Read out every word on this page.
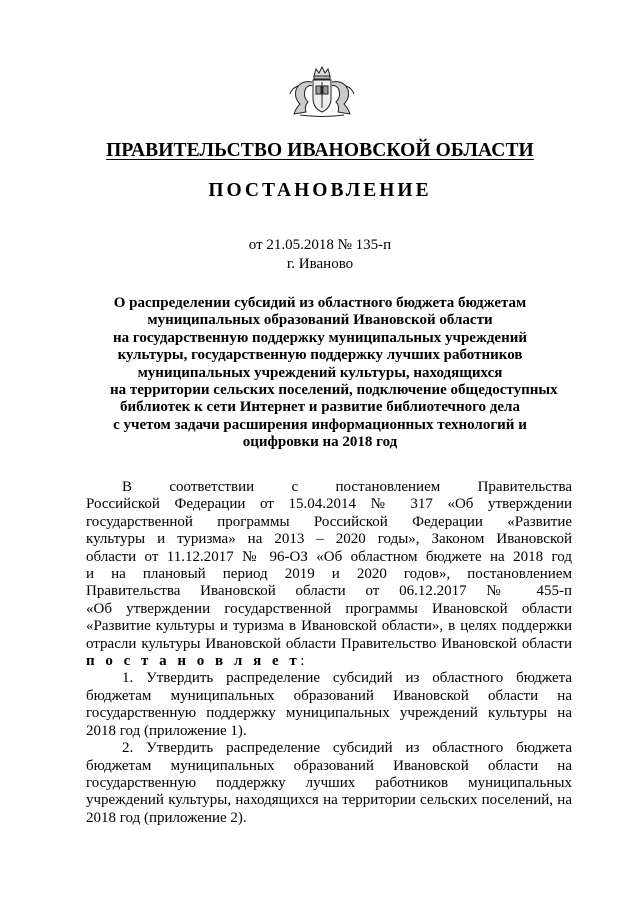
ПРАВИТЕЛЬСТВО ИВАНОВСКОЙ ОБЛАСТИ
ПОСТАНОВЛЕНИЕ
от 21.05.2018 № 135-п
г. Иваново

О распределении субсидий из областного бюджета бюджетам
муниципальных образований Ивановской области
на государственную поддержку муниципальных учреждений
культуры, государственную поддержку лучших работников
муниципальных учреждений культуры, находящихся
на территории сельских поселений, подключение общедоступных
библиотек к сети Интернет и развитие библиотечного дела
с учетом задачи расширения информационных технологий и
оцифровки на 2018 год

В соответствии с постановлением Правительства
Российской Федерации от 15.04.2014 № 317 «Об утверждении
государственной программы Российской Федерации «Развитие
культуры и туризма» на 2013 – 2020 годы», Законом Ивановской
области от 11.12.2017 № 96-ОЗ «Об областном бюджете на 2018 год
и на плановый период 2019 и 2020 годов», постановлением
Правительства Ивановской области от 06.12.2017 № 455-п
«Об утверждении государственной программы Ивановской области
«Развитие культуры и туризма в Ивановской области», в целях поддержки
отрасли культуры Ивановской области Правительство Ивановской области
п о с т а н о в л я е т:
1. Утвердить распределение субсидий из областного бюджета
бюджетам муниципальных образований Ивановской области на
государственную поддержку муниципальных учреждений культуры на
2018 год (приложение 1).
2. Утвердить распределение субсидий из областного бюджета
бюджетам муниципальных образований Ивановской области на
государственную поддержку лучших работников муниципальных
учреждений культуры, находящихся на территории сельских поселений, на
2018 год (приложение 2).
